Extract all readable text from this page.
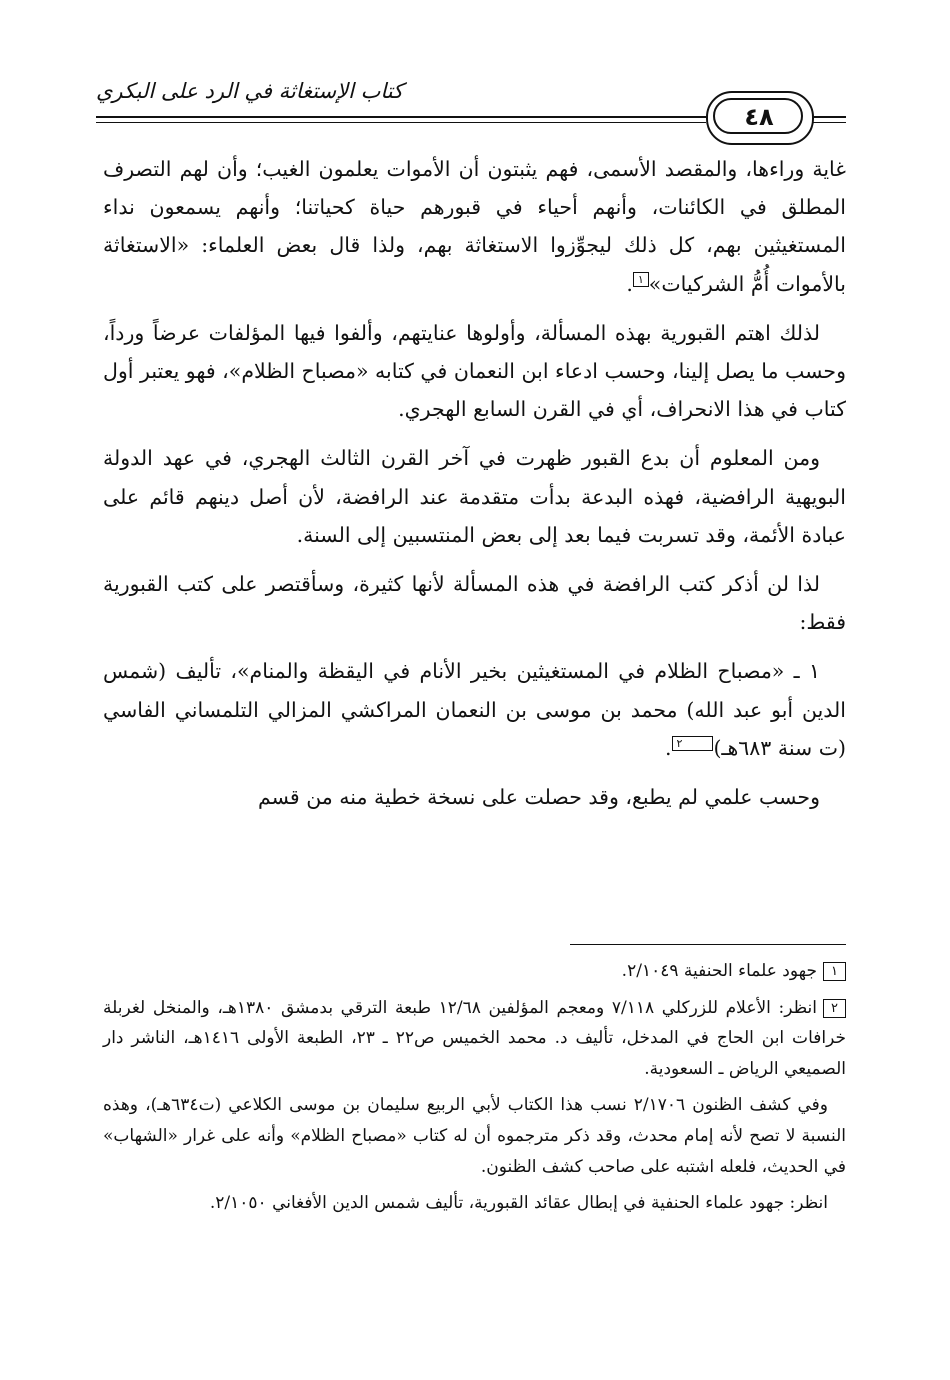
كتاب الإستغاثة في الرد على البكري
٤٨

غاية وراءها، والمقصد الأسمى، فهم يثبتون أن الأموات يعلمون الغيب؛ وأن لهم التصرف المطلق في الكائنات، وأنهم أحياء في قبورهم حياة كحياتنا؛ وأنهم يسمعون نداء المستغيثين بهم، كل ذلك ليجوِّزوا الاستغاثة بهم، ولذا قال بعض العلماء: «الاستغاثة بالأموات أُمُّ الشركيات»١.

لذلك اهتم القبورية بهذه المسألة، وأولوها عنايتهم، وألفوا فيها المؤلفات عرضاً ورداً، وحسب ما يصل إلينا، وحسب ادعاء ابن النعمان في كتابه «مصباح الظلام»، فهو يعتبر أول كتاب في هذا الانحراف، أي في القرن السابع الهجري.

ومن المعلوم أن بدع القبور ظهرت في آخر القرن الثالث الهجري، في عهد الدولة البويهية الرافضية، فهذه البدعة بدأت متقدمة عند الرافضة، لأن أصل دينهم قائم على عبادة الأئمة، وقد تسربت فيما بعد إلى بعض المنتسبين إلى السنة.

لذا لن أذكر كتب الرافضة في هذه المسألة لأنها كثيرة، وسأقتصر على كتب القبورية فقط:

١ ـ «مصباح الظلام في المستغيثين بخير الأنام في اليقظة والمنام»، تأليف (شمس الدين أبو عبد الله) محمد بن موسى بن النعمان المراكشي المزالي التلمساني الفاسي (ت سنة ٦٨٣هـ)٢.

وحسب علمي لم يطبع، وقد حصلت على نسخة خطية منه من قسم

١جهود علماء الحنفية ٢/١٠٤٩.

٢انظر: الأعلام للزركلي ٧/١١٨ ومعجم المؤلفين ١٢/٦٨ طبعة الترقي بدمشق ١٣٨٠هـ، والمنخل لغربلة خرافات ابن الحاج في المدخل، تأليف د. محمد الخميس ص٢٢ ـ ٢٣، الطبعة الأولى ١٤١٦هـ، الناشر دار الصميعي الرياض ـ السعودية.

وفي كشف الظنون ٢/١٧٠٦ نسب هذا الكتاب لأبي الربيع سليمان بن موسى الكلاعي (ت٦٣٤هـ)، وهذه النسبة لا تصح لأنه إمام محدث، وقد ذكر مترجموه أن له كتاب «مصباح الظلام» وأنه على غرار «الشهاب» في الحديث، فلعله اشتبه على صاحب كشف الظنون.

انظر: جهود علماء الحنفية في إبطال عقائد القبورية، تأليف شمس الدين الأفغاني ٢/١٠٥٠.
